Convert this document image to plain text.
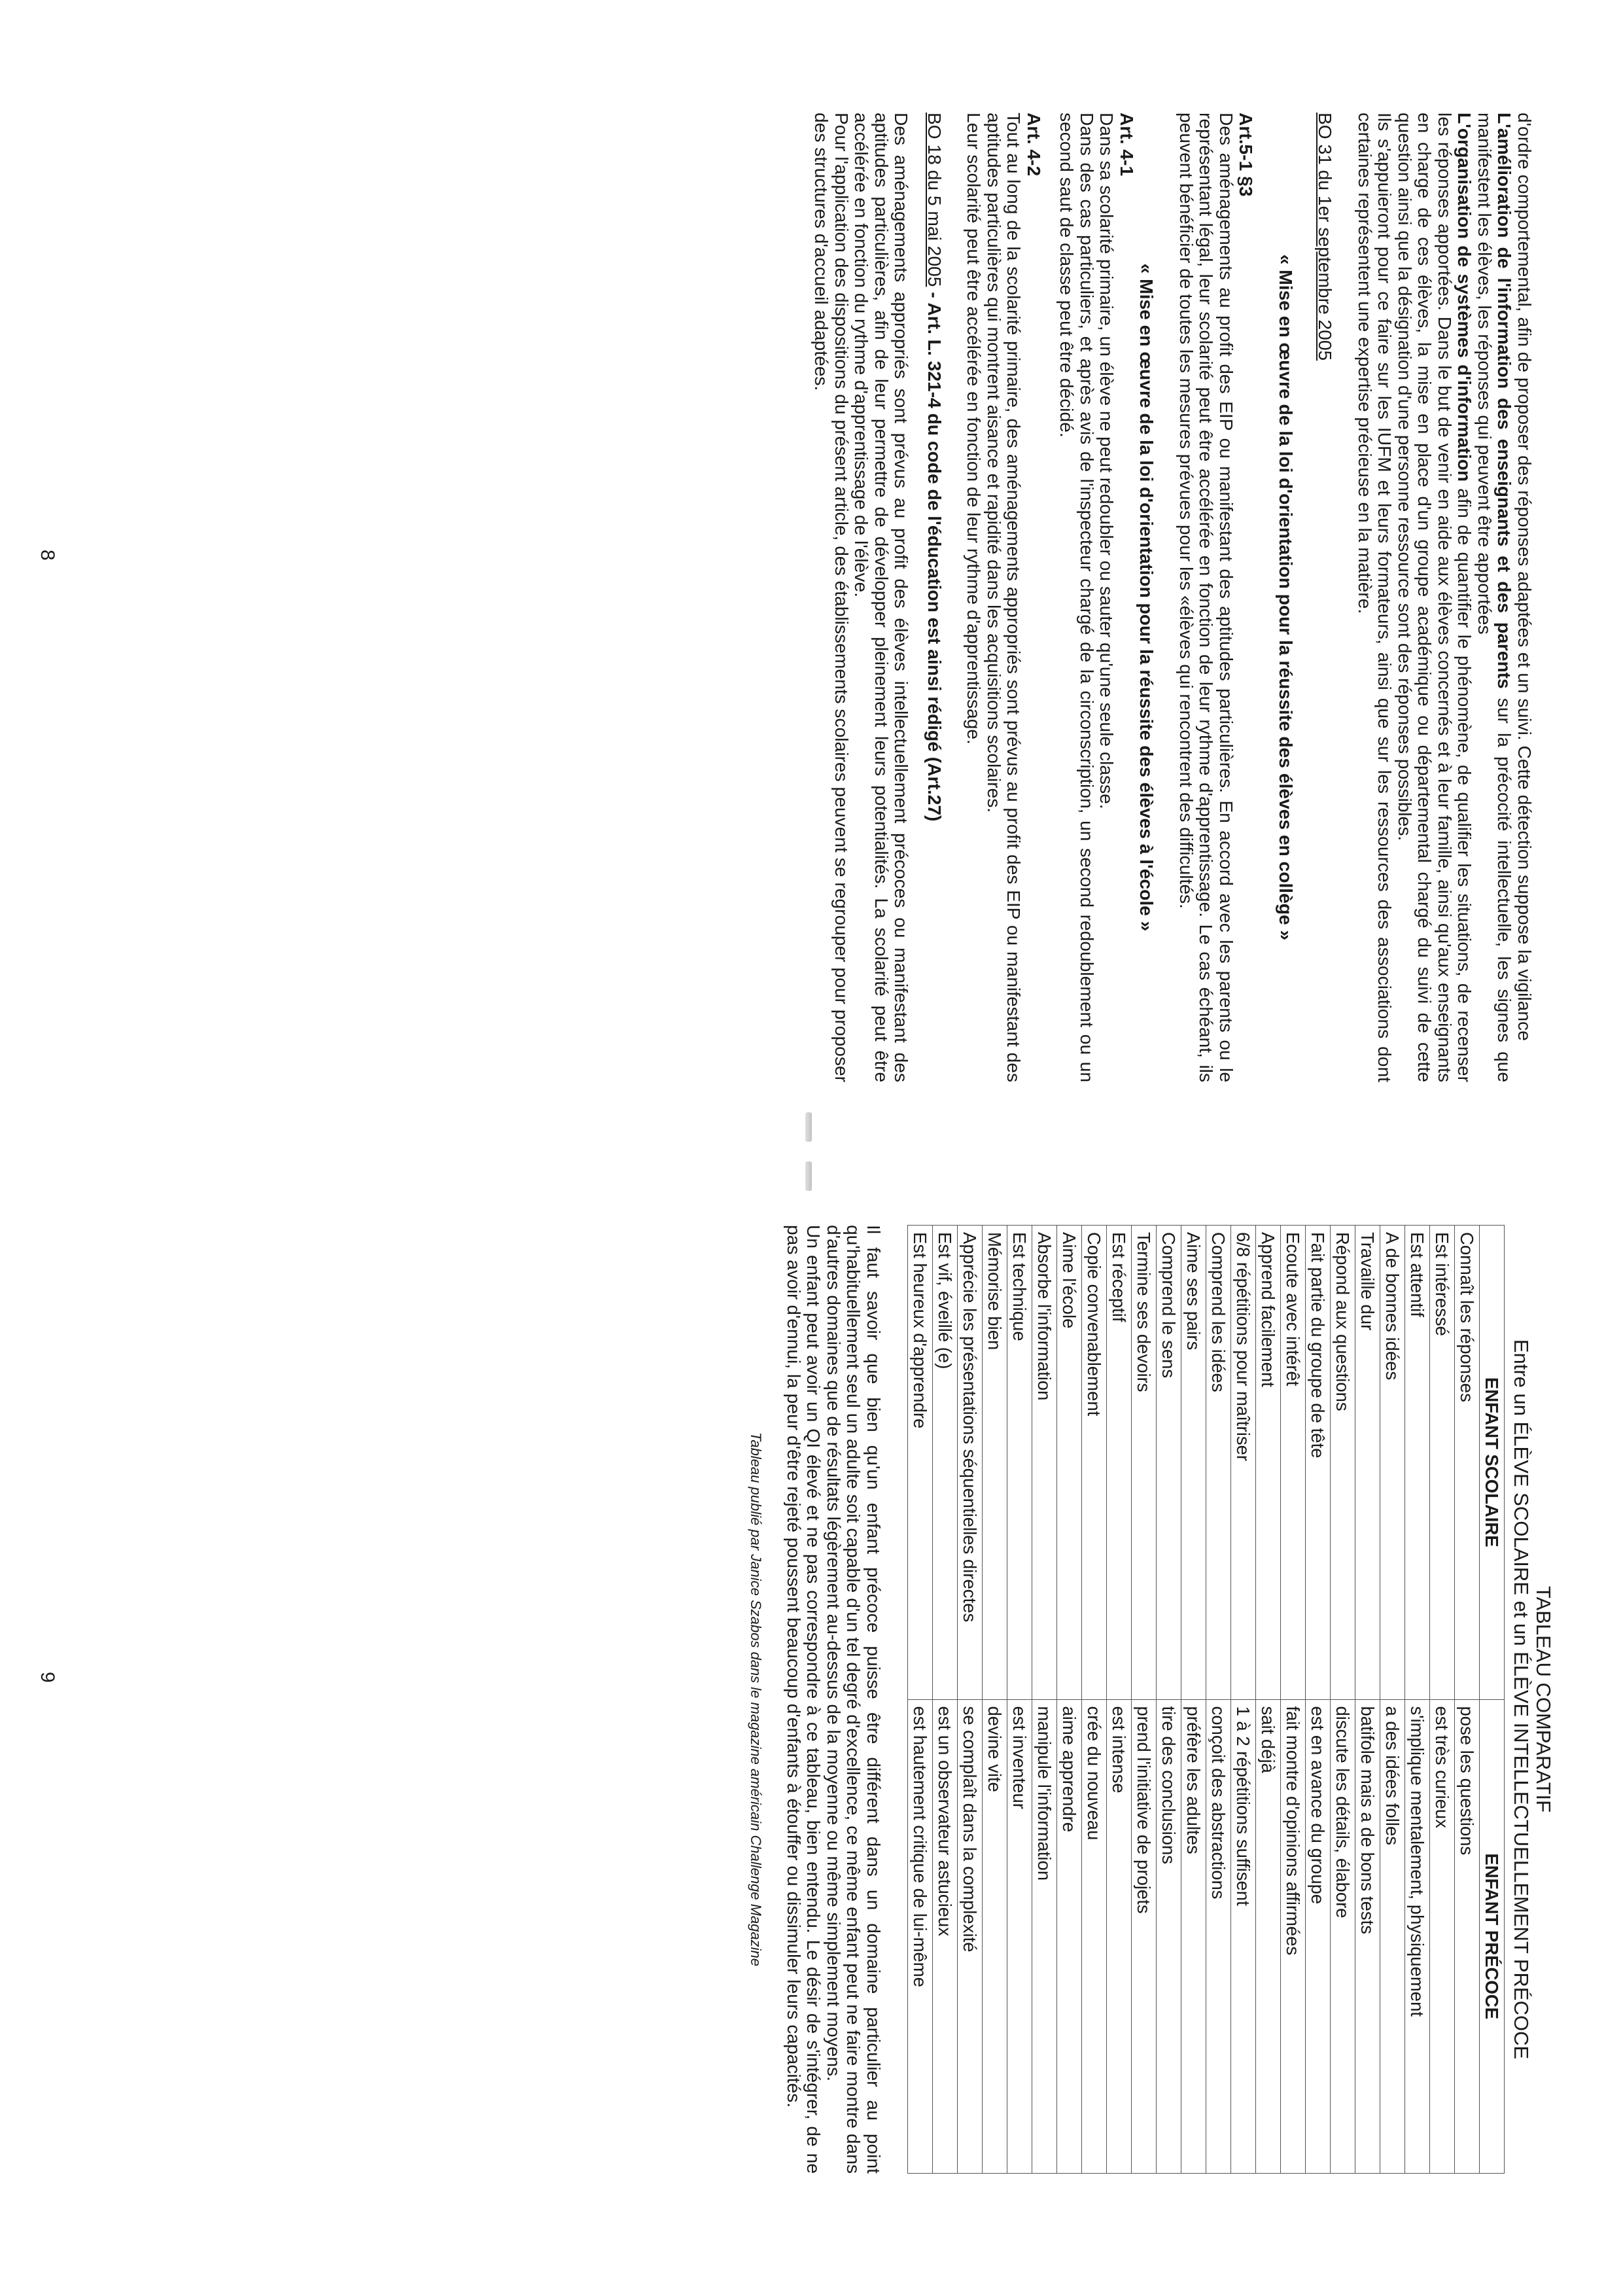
d'ordre comportemental, afin de proposer des réponses adaptées et un suivi. Cette détection suppose la vigilance

L'amélioration de l'information des enseignants et des parents sur la précocité intellectuelle, les signes que manifestent les élèves, les réponses qui peuvent être apportées

L'organisation de systèmes d'information afin de quantifier le phénomène, de qualifier les situations, de recenser les réponses apportées. Dans le but de venir en aide aux élèves concernés et à leur famille, ainsi qu'aux enseignants en charge de ces élèves, la mise en place d'un groupe académique ou départemental chargé du suivi de cette question ainsi que la désignation d'une personne ressource sont des réponses possibles.

Ils s'appuieront pour ce faire sur les IUFM et leurs formateurs, ainsi que sur les ressources des associations dont certaines représentent une expertise précieuse en la matière.

BO 31 du 1er septembre 2005

« Mise en œuvre de la loi d'orientation pour la réussite des élèves en collège »

Art.5-1 §3

Des aménagements au profit des EIP ou manifestant des aptitudes particulières. En accord avec les parents ou le représentant légal, leur scolarité peut être accélérée en fonction de leur rythme d'apprentissage. Le cas échéant, ils peuvent bénéficier de toutes les mesures prévues pour les «élèves qui rencontrent des difficultés.

« Mise en œuvre de la loi d'orientation pour la réussite des élèves à l'école »

Art. 4-1

Dans sa scolarité primaire, un élève ne peut redoubler ou sauter qu'une seule classe.

Dans des cas particuliers, et après avis de l'inspecteur chargé de la circonscription, un second redoublement ou un second saut de classe peut être décidé.

Art. 4-2

Tout au long de la scolarité primaire, des aménagements appropriés sont prévus au profit des EIP ou manifestant des aptitudes particulières qui montrent aisance et rapidité dans les acquisitions scolaires.

Leur scolarité peut être accélérée en fonction de leur rythme d'apprentissage.

BO 18 du 5 mai 2005 - Art. L. 321-4 du code de l'éducation est ainsi rédigé (Art.27)

Des aménagements appropriés sont prévus au profit des élèves intellectuellement précoces ou manifestant des aptitudes particulières, afin de leur permettre de développer pleinement leurs potentialités. La scolarité peut être accélérée en fonction du rythme d'apprentissage de l'élève.

Pour l'application des dispositions du présent article, des établissements scolaires peuvent se regrouper pour proposer des structures d'accueil adaptées.

8

TABLEAU COMPARATIF

Entre un ÉLÈVE SCOLAIRE et un ÉLÈVE INTELLECTUELLEMENT PRÉCOCE

ENFANT SCOLAIRE	ENFANT PRÉCOCE
Connaît les réponses	pose les questions
Est intéressé	est très curieux
Est attentif	s'implique mentalement, physiquement
A de bonnes idées	a des idées folles
Travaille dur	batifole mais a de bons tests
Répond aux questions	discute les détails, élabore
Fait partie du groupe de tête	est en avance du groupe
Ecoute avec intérêt	fait montre d'opinions affirmées
Apprend facilement	sait déjà
6/8 répétitions pour maîtriser	1 à 2 répétitions suffisent
Comprend les idées	conçoit des abstractions
Aime ses pairs	préfère les adultes
Comprend le sens	tire des conclusions
Termine ses devoirs	prend l'initiative de projets
Est réceptif	est intense
Copie convenablement	crée du nouveau
Aime l'école	aime apprendre
Absorbe l'information	manipule l'information
Est technique	est inventeur
Mémorise bien	devine vite
Apprécie les présentations séquentielles directes	se complaît dans la complexité
Est vif, éveillé (e)	est un observateur astucieux
Est heureux d'apprendre	est hautement critique de lui-même

Il faut savoir que bien qu'un enfant précoce puisse être différent dans un domaine particulier au point qu'habituellement seul un adulte soit capable d'un tel degré d'excellence, ce même enfant peut ne faire montre dans d'autres domaines que de résultats légèrement au-dessus de la moyenne ou même simplement moyens.

Un enfant peut avoir un QI élevé et ne pas correspondre à ce tableau, bien entendu. Le désir de s'intégrer, de ne pas avoir d'ennui, la peur d'être rejeté poussent beaucoup d'enfants à étouffer ou dissimuler leurs capacités.

Tableau publié par Janice Szabos dans le magazine américain Challenge Magazine

9
